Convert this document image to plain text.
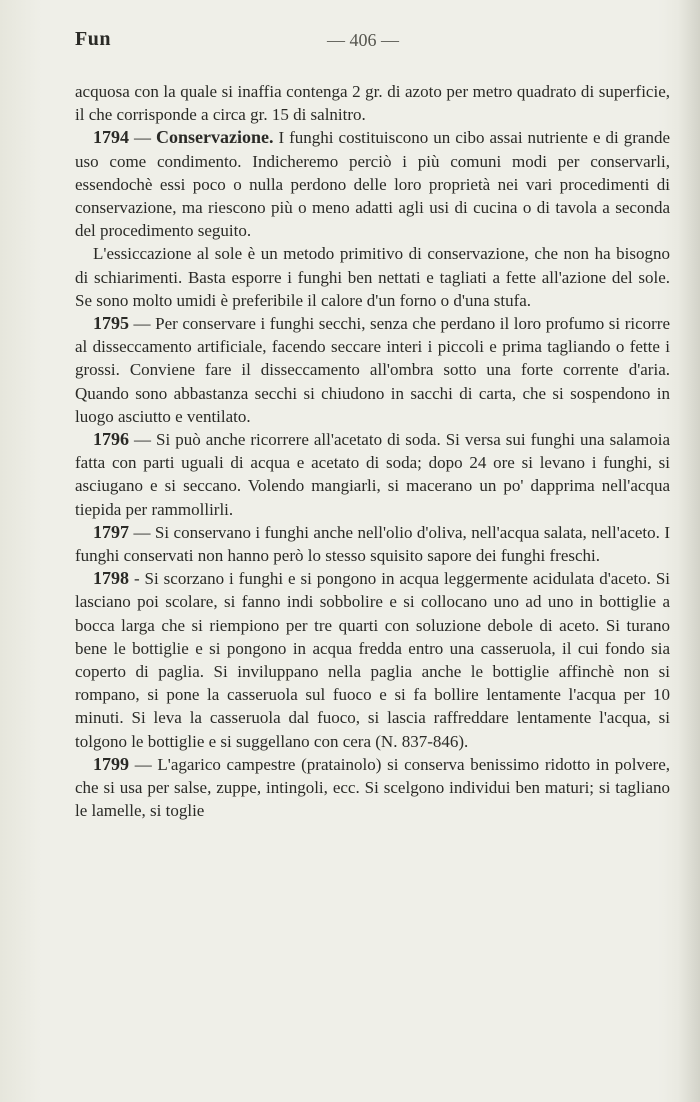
Fun	— 406 —

acquosa con la quale si inaffia contenga 2 gr. di azoto per metro quadrato di superficie, il che corrisponde a circa gr. 15 di salnitro.

1794 — Conservazione. I funghi costituiscono un cibo assai nutriente e di grande uso come condimento. Indicheremo perciò i più comuni modi per conservarli, essendochè essi poco o nulla perdono delle loro proprietà nei vari procedimenti di conservazione, ma riescono più o meno adatti agli usi di cucina o di tavola a seconda del procedimento seguito.

L'essiccazione al sole è un metodo primitivo di conservazione, che non ha bisogno di schiarimenti. Basta esporre i funghi ben nettati e tagliati a fette all'azione del sole. Se sono molto umidi è preferibile il calore d'un forno o d'una stufa.

1795 — Per conservare i funghi secchi, senza che perdano il loro profumo si ricorre al disseccamento artificiale, facendo seccare interi i piccoli e prima tagliando o fette i grossi. Conviene fare il disseccamento all'ombra sotto una forte corrente d'aria. Quando sono abbastanza secchi si chiudono in sacchi di carta, che si sospendono in luogo asciutto e ventilato.

1796 — Si può anche ricorrere all'acetato di soda. Si versa sui funghi una salamoia fatta con parti uguali di acqua e acetato di soda; dopo 24 ore si levano i funghi, si asciugano e si seccano. Volendo mangiarli, si macerano un po' dapprima nell'acqua tiepida per rammollirli.

1797 — Si conservano i funghi anche nell'olio d'oliva, nell'acqua salata, nell'aceto. I funghi conservati non hanno però lo stesso squisito sapore dei funghi freschi.

1798 - Si scorzano i funghi e si pongono in acqua leggermente acidulata d'aceto. Si lasciano poi scolare, si fanno indi sobbolire e si collocano uno ad uno in bottiglie a bocca larga che si riempiono per tre quarti con soluzione debole di aceto. Si turano bene le bottiglie e si pongono in acqua fredda entro una casseruola, il cui fondo sia coperto di paglia. Si inviluppano nella paglia anche le bottiglie affinchè non si rompano, si pone la casseruola sul fuoco e si fa bollire lentamente l'acqua per 10 minuti. Si leva la casseruola dal fuoco, si lascia raffreddare lentamente l'acqua, si tolgono le bottiglie e si suggellano con cera (N. 837-846).

1799 — L'agarico campestre (pratainolo) si conserva benissimo ridotto in polvere, che si usa per salse, zuppe, intingoli, ecc. Si scelgono individui ben maturi; si tagliano le lamelle, si toglie
